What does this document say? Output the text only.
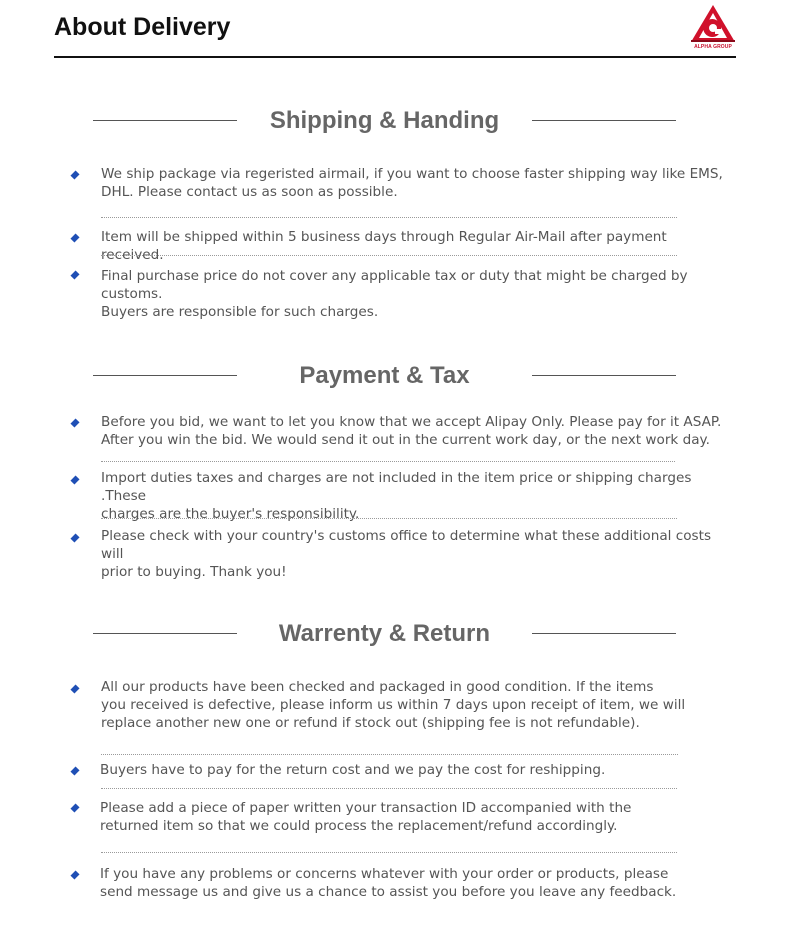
About Delivery
ALPHA GROUP
Shipping & Handing
We ship package via regeristed airmail, if you want to choose faster shipping way like EMS,
DHL. Please contact us as soon as possible.
Item will be shipped within 5 business days through Regular Air-Mail after payment received.
Final purchase price do not cover any applicable tax or duty that might be charged by customs.
Buyers are responsible for such charges.
Payment & Tax
Before you bid, we want to let you know that we accept Alipay Only. Please pay for it ASAP.
After you win the bid. We would send it out in the current work day, or the next work day.
Import duties taxes and charges are not included in the item price or shipping charges .These
charges are the buyer's responsibility.
Please check with your country's customs office to determine what these additional costs will
prior to buying. Thank you!
Warrenty & Return
All our products have been checked and packaged in good condition. If the items
you received is defective, please inform us within 7 days upon receipt of item, we will
replace another new one or refund if stock out (shipping fee is not refundable).
Buyers have to pay for the return cost and we pay the cost for reshipping.
Please add a piece of paper written your transaction ID accompanied with the
returned item so that we could process the replacement/refund accordingly.
If you have any problems or concerns whatever with your order or products, please
send message us and give us a chance to assist you before you leave any feedback.
